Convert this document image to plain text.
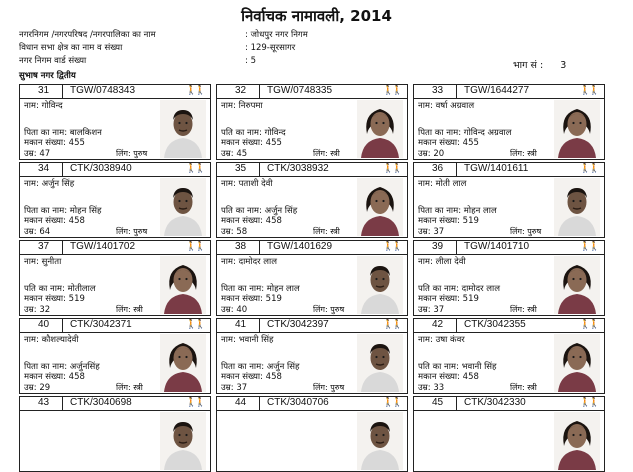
निर्वाचक नामावली, 2014
नगरनिगम /नगरपरिषद /नगरपालिका का नाम	: जोधपुर नगर निगम
विधान सभा क्षेत्र का नाम व संख्या	: 129-सूरसागर
नगर निगम वार्ड संख्या	: 5	भाग सं : 3
सुभाष नगर द्वितीय
31 TGW/0748343	🚶🚶
नाम: गोविन्द
पिता का नाम: बालकिशन
मकान संख्या: 455
उम्र: 47	लिंग: पुरुष
32 TGW/0748335	🚶🚶
नाम: निरुपमा
पति का नाम: गोविन्द
मकान संख्या: 455
उम्र: 45	लिंग: स्त्री
33 TGW/1644277	🚶🚶
नाम: वर्षा अग्रवाल
पिता का नाम: गोविन्द अग्रवाल
मकान संख्या: 455
उम्र: 20	लिंग: स्त्री
34 CTK/3038940	🚶🚶
नाम: अर्जुन सिंह
पिता का नाम: मोहन सिंह
मकान संख्या: 458
उम्र: 64	लिंग: पुरुष
35 CTK/3038932	🚶🚶
नाम: पताशी देवी
पति का नाम: अर्जुन सिंह
मकान संख्या: 458
उम्र: 58	लिंग: स्त्री
36 TGW/1401611	🚶🚶
नाम: मोती लाल
पिता का नाम: मोहन लाल
मकान संख्या: 519
उम्र: 37	लिंग: पुरुष
37 TGW/1401702	🚶🚶
नाम: सुनीता
पति का नाम: मोतीलाल
मकान संख्या: 519
उम्र: 32	लिंग: स्त्री
38 TGW/1401629	🚶🚶
नाम: दामोदर लाल
पिता का नाम: मोहन लाल
मकान संख्या: 519
उम्र: 40	लिंग: पुरुष
39 TGW/1401710	🚶🚶
नाम: लीला देवी
पति का नाम: दामोदर लाल
मकान संख्या: 519
उम्र: 37	लिंग: स्त्री
40 CTK/3042371	🚶🚶
नाम: कौशल्यादेवी
पिता का नाम: अर्जुनसिंह
मकान संख्या: 458
उम्र: 29	लिंग: स्त्री
41 CTK/3042397	🚶🚶
नाम: भवानी सिंह
पिता का नाम: अर्जुन सिंह
मकान संख्या: 458
उम्र: 37	लिंग: पुरुष
42 CTK/3042355	🚶🚶
नाम: उषा कंवर
पति का नाम: भवानी सिंह
मकान संख्या: 458
उम्र: 33	लिंग: स्त्री
43 CTK/3040698	🚶🚶	44 CTK/3040706	🚶🚶	45 CTK/3042330	🚶🚶
